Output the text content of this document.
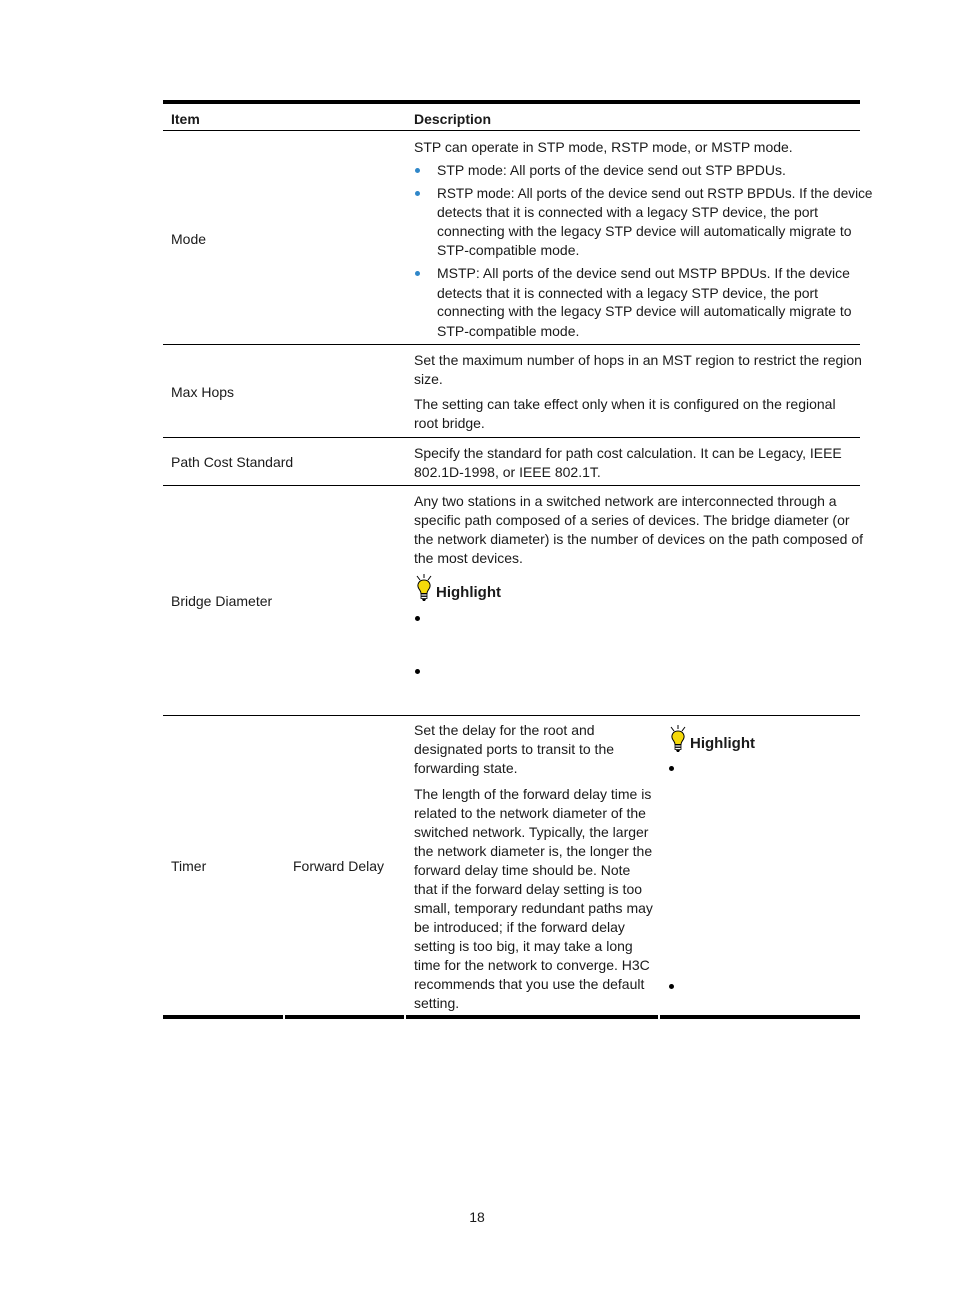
Item	Description
Mode
STP can operate in STP mode, RSTP mode, or MSTP mode.
STP mode: All ports of the device send out STP BPDUs.
RSTP mode: All ports of the device send out RSTP BPDUs. If the device
detects that it is connected with a legacy STP device, the port
connecting with the legacy STP device will automatically migrate to
STP-compatible mode.
MSTP: All ports of the device send out MSTP BPDUs. If the device
detects that it is connected with a legacy STP device, the port
connecting with the legacy STP device will automatically migrate to
STP-compatible mode.
Max Hops
Set the maximum number of hops in an MST region to restrict the region
size.
The setting can take effect only when it is configured on the regional
root bridge.
Path Cost Standard
Specify the standard for path cost calculation. It can be Legacy, IEEE
802.1D-1998, or IEEE 802.1T.
Bridge Diameter
Any two stations in a switched network are interconnected through a
specific path composed of a series of devices. The bridge diameter (or
the network diameter) is the number of devices on the path composed of
the most devices.
Highlight
Timer	Forward Delay
Set the delay for the root and
designated ports to transit to the
forwarding state.
The length of the forward delay time is
related to the network diameter of the
switched network. Typically, the larger
the network diameter is, the longer the
forward delay time should be. Note
that if the forward delay setting is too
small, temporary redundant paths may
be introduced; if the forward delay
setting is too big, it may take a long
time for the network to converge. H3C
recommends that you use the default
setting.
Highlight
18
